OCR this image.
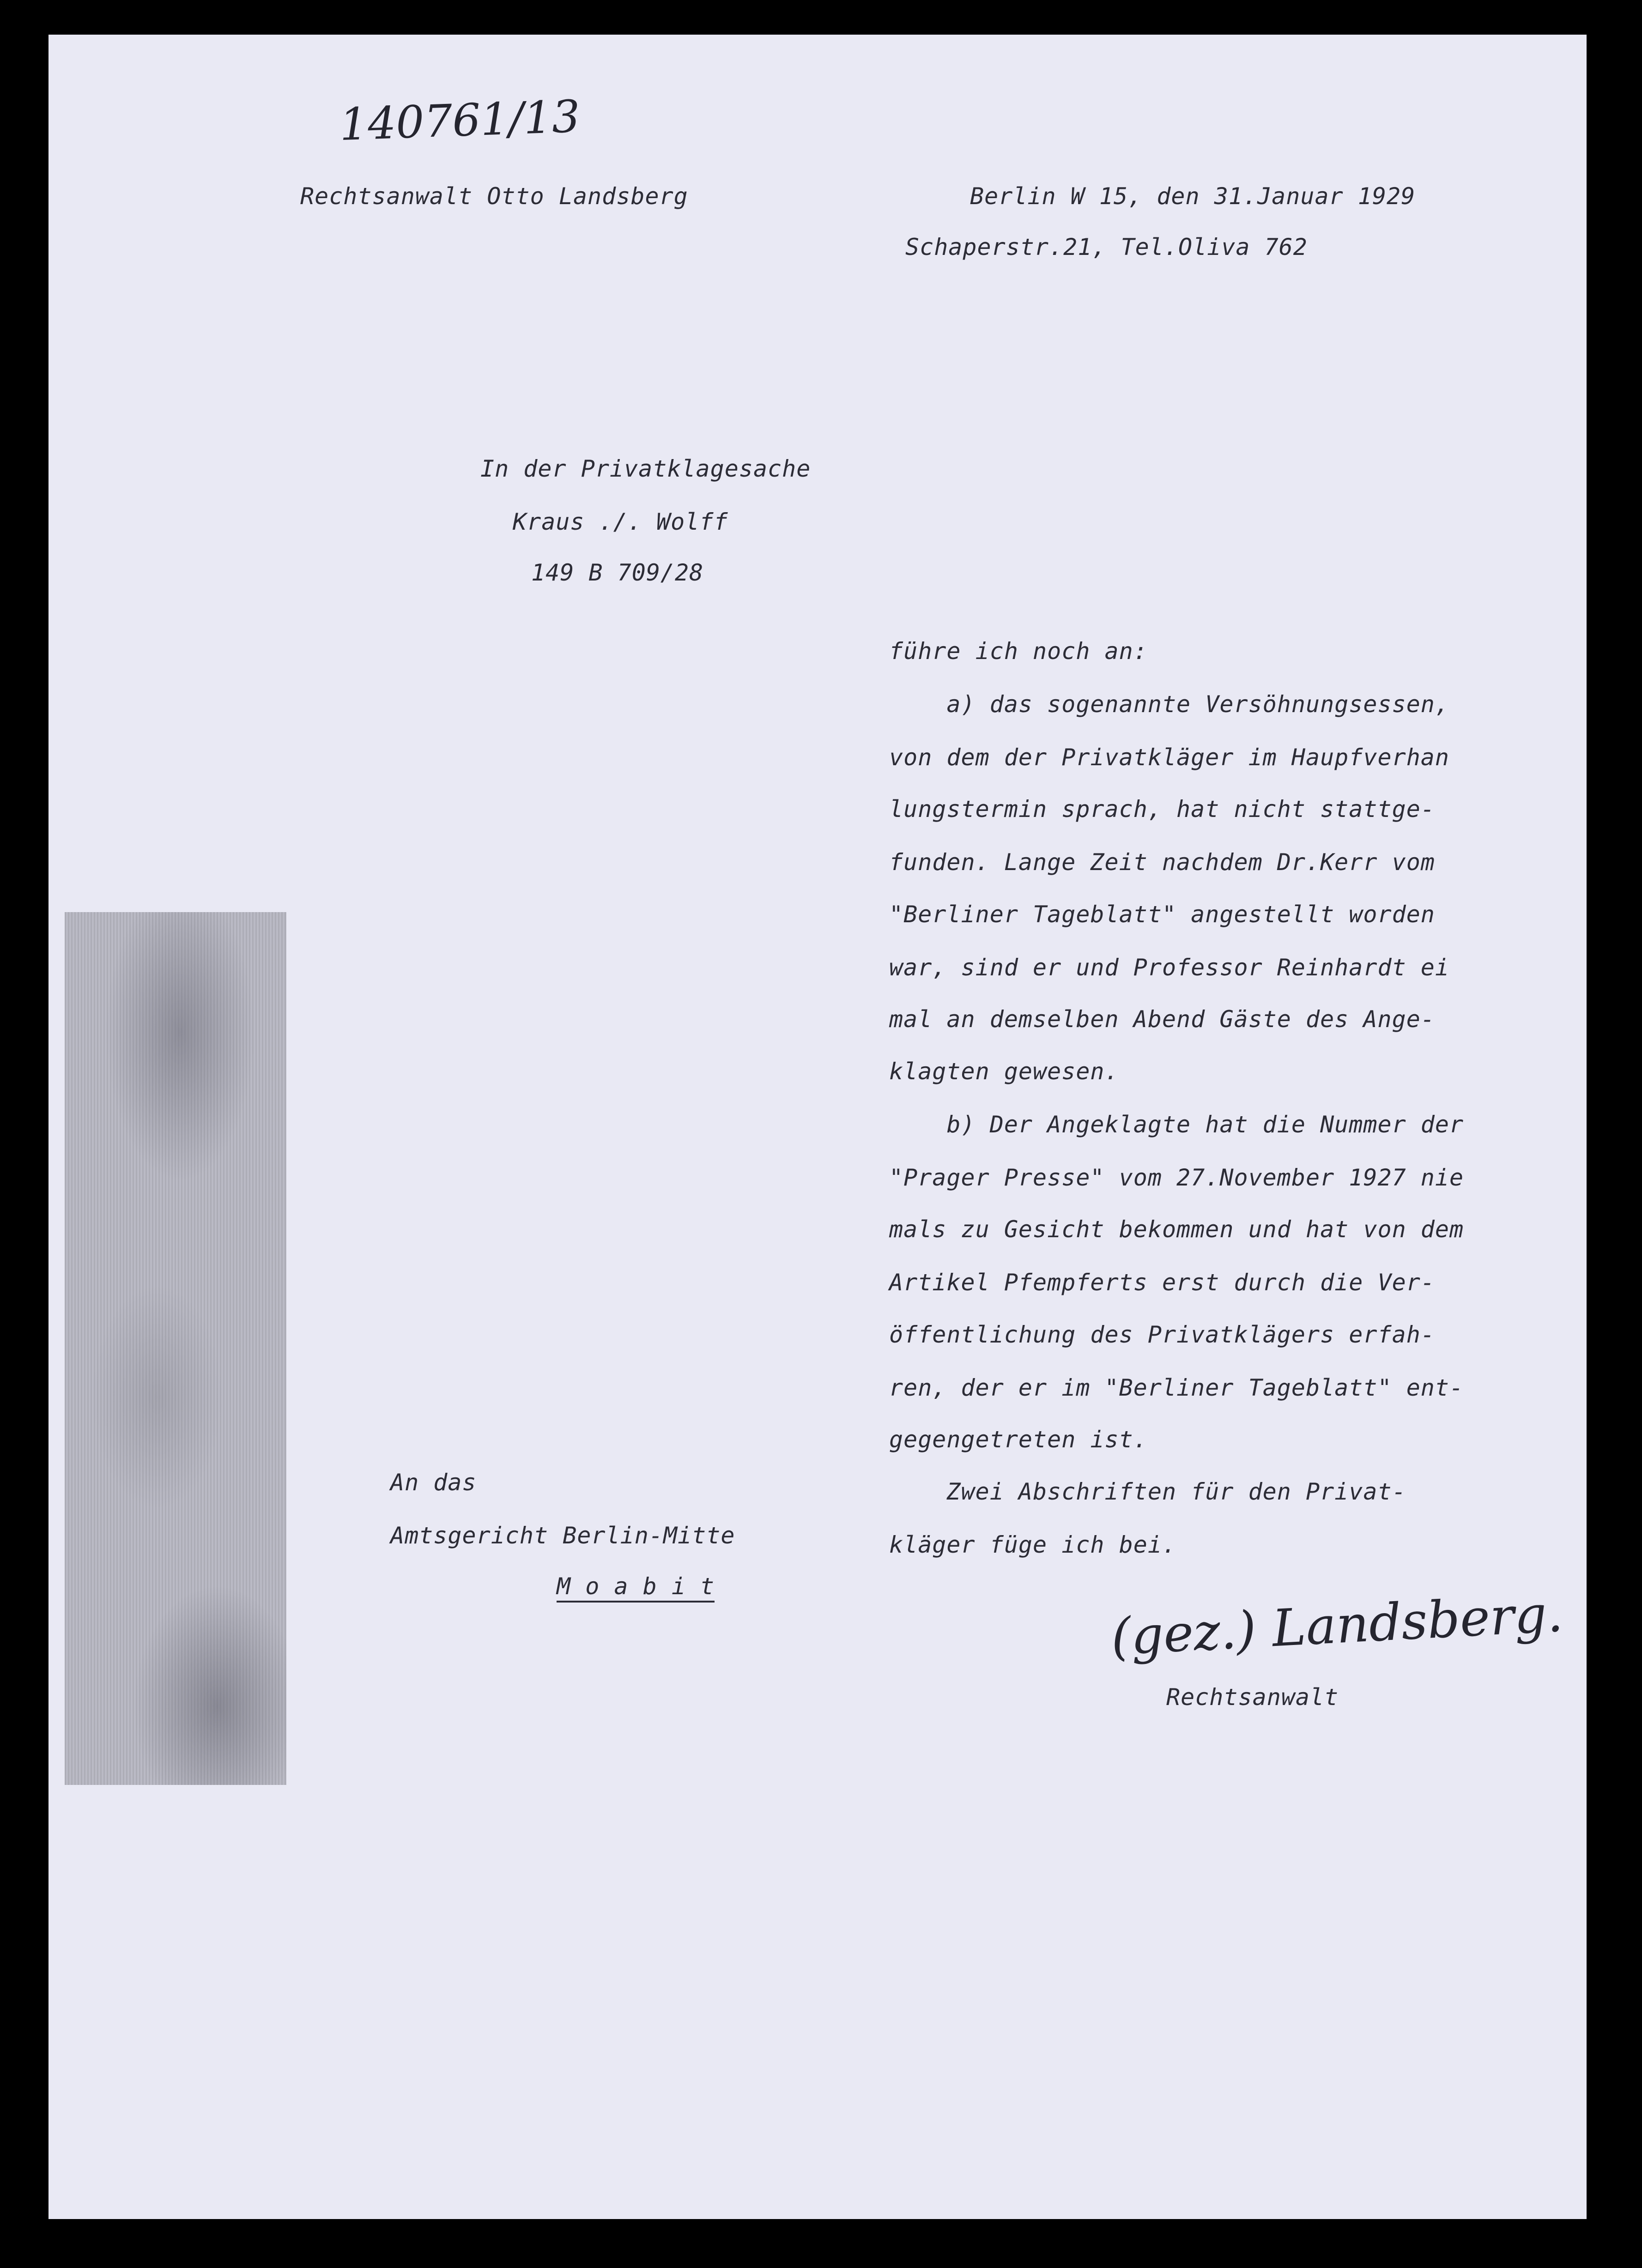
140761/13
Rechtsanwalt Otto Landsberg	Berlin W 15, den 31.Januar 1929
Schaperstr.21, Tel.Oliva 762
In der Privatklagesache
Kraus ./. Wolff
149 B 709/28
führe ich noch an:
a) das sogenannte Versöhnungsessen,
von dem der Privatkläger im Haupfverhan
lungstermin sprach, hat nicht stattge-
funden. Lange Zeit nachdem Dr.Kerr vom
"Berliner Tageblatt" angestellt worden
war, sind er und Professor Reinhardt ei
mal an demselben Abend Gäste des Ange-
klagten gewesen.
b) Der Angeklagte hat die Nummer der
"Prager Presse" vom 27.November 1927 nie
mals zu Gesicht bekommen und hat von dem
Artikel Pfempferts erst durch die Ver-
öffentlichung des Privatklägers erfah-
ren, der er im "Berliner Tageblatt" ent-
gegengetreten ist.
Zwei Abschriften für den Privat-
kläger füge ich bei.
An das
Amtsgericht Berlin-Mitte
M o a b i t	(gez.) Landsberg.
Rechtsanwalt
